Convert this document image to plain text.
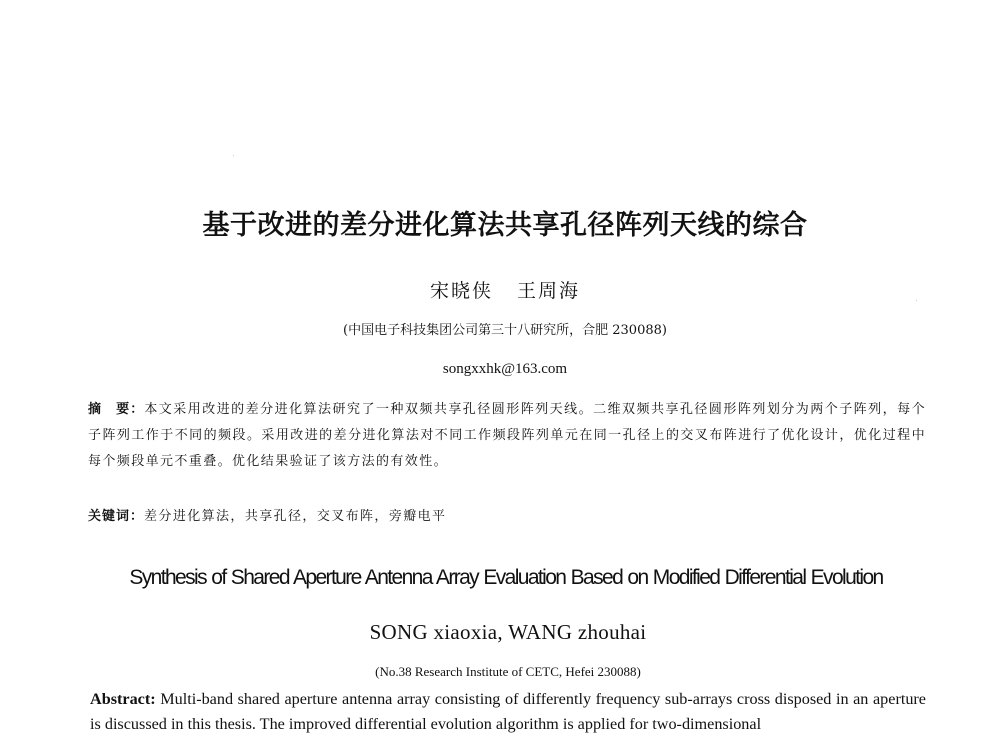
基于改进的差分进化算法共享孔径阵列天线的综合
宋晓侠   王周海
(中国电子科技集团公司第三十八研究所，合肥 230088)
songxxhk@163.com
摘　要：本文采用改进的差分进化算法研究了一种双频共享孔径圆形阵列天线。二维双频共享孔径圆形阵列划分为两个子阵列，每个子阵列工作于不同的频段。采用改进的差分进化算法对不同工作频段阵列单元在同一孔径上的交叉布阵进行了优化设计，优化过程中每个频段单元不重叠。优化结果验证了该方法的有效性。
关键词：差分进化算法，共享孔径，交叉布阵，旁瓣电平
Synthesis of Shared Aperture Antenna Array Evaluation Based on Modified Differential Evolution
SONG xiaoxia, WANG zhouhai
(No.38 Research Institute of CETC, Hefei 230088)
Abstract: Multi-band shared aperture antenna array consisting of differently frequency sub-arrays cross disposed in an aperture is discussed in this thesis. The improved differential evolution algorithm is applied for two-dimensional
